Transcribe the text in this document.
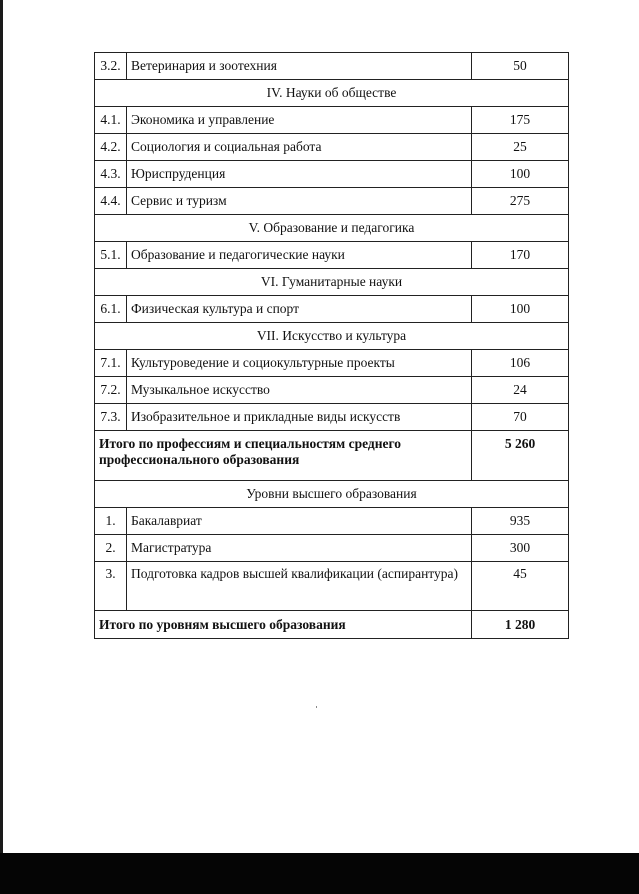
3.2.	Ветеринария и зоотехния	50
IV. Науки об обществе		
4.1.	Экономика и управление	175
4.2.	Социология и социальная работа	25
4.3.	Юриспруденция	100
4.4.	Сервис и туризм	275
V. Образование и педагогика		
5.1.	Образование и педагогические науки	170
VI. Гуманитарные науки		
6.1.	Физическая культура и спорт	100
VII. Искусство и культура		
7.1.	Культуроведение и социокультурные проекты	106
7.2.	Музыкальное искусство	24
7.3.	Изобразительное и прикладные виды искусств	70
Итого по профессиям и специальностям среднего профессионального образования		5 260
Уровни высшего образования		
1.	Бакалавриат	935
2.	Магистратура	300
3.	Подготовка кадров высшей квалификации (аспирантура)	45
Итого по уровням высшего образования		1 280
